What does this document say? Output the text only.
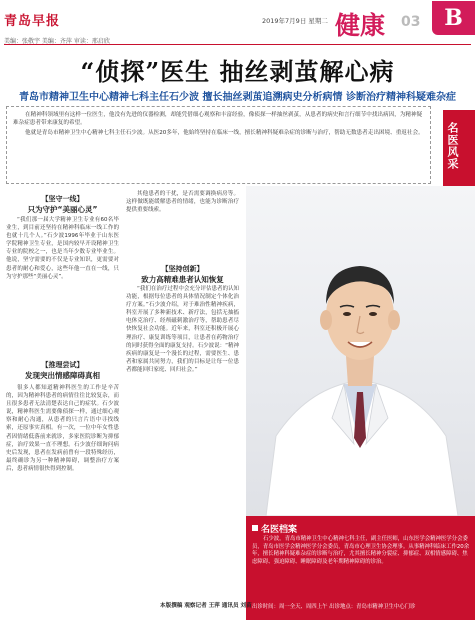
青岛早报	2019年7月9日 星期二 健康 03	B
美编：张敬宇 美编：齐萍 审读：邢启欣
“侦探”医生 抽丝剥茧解心病
青岛市精神卫生中心精神七科主任石少波 擅长抽丝剥茧追溯病史分析病情 诊断治疗精神科疑难杂症

在精神科领域里有这样一位医生，他没有先进的仪器检测，却能凭借细心观察和丰富经验，像侦探一样抽丝剥茧，从患者的病史和言行细节中找出病因，为精神疑难杂症患者带来康复的希望。

他就是青岛市精神卫生中心精神七科主任石少波。从医20多年，他始终坚持在临床一线，擅长精神科疑难杂症的诊断与治疗，帮助无数患者走出困境、重返社会。 名医风采
【坚守一线】
只为守护“美丽心灵”

“我们那一届大学精神卫生专业有60名毕业生，到目前还坚持在精神科临床一线工作的也就十几个人。”石少波1996年毕业于山东医学院精神卫生专业，是国内较早开设精神卫生专业的院校之一，也是当年少数专业毕业生。他说，坚守需要的不仅是专业知识，更需要对患者的耐心和爱心，这些年他一直在一线，只为守护那些“美丽心灵”。

【推理尝试】
发现突出情感障碍真相

很多人都知道精神科医生的工作是辛苦的，因为精神科患者的病情往往比较复杂，而且很多患者无法清楚表达自己的症状。石少波说，精神科医生需要像侦探一样，通过细心观察和耐心沟通，从患者的只言片语中寻找线索，还原事实真相。有一次，一位中年女性患者因情绪低落前来就诊，多家医院诊断为抑郁症，治疗效果一直不理想。石少波仔细询问病史后发现，患者在发病前曾有一段特殊经历，最终确诊为另一种精神障碍，调整治疗方案后，患者病情很快得到控制。

其他患者的干扰，是否需要调换病房等。这样做既能缓解患者的情绪，也能为诊断治疗提供重要线索。

【坚持创新】
致力高精难患者认知恢复

“我们在治疗过程中会充分评估患者的认知功能，根据每位患者的具体情况制定个体化治疗方案。”石少波介绍，对于难治性精神疾病，科室开展了多种新技术、新疗法，包括无抽搐电休克治疗、经颅磁刺激治疗等，帮助患者尽快恢复社会功能。近年来，科室还积极开展心理治疗、康复训练等项目，让患者在药物治疗的同时获得全面的康复支持。石少波说：“精神疾病的康复是一个漫长的过程，需要医生、患者和家属共同努力，我们的目标是让每一位患者都能回归家庭、回归社会。”

名医档案
石少波，青岛市精神卫生中心精神七科主任，副主任医师，山东医学会精神医学分会委员，青岛市医学会精神医学分会委员，青岛市心理卫生协会理事。从事精神科临床工作20余年，擅长精神科疑难杂症的诊断与治疗，尤其擅长精神分裂症、抑郁症、双相情感障碍、焦虑障碍、强迫障碍、睡眠障碍及老年期精神障碍的诊治。
出诊时间：周一全天、周四上午 出诊地点：青岛市精神卫生中心门诊
本版撰稿 观察记者 王萍 通讯员 刘苗
